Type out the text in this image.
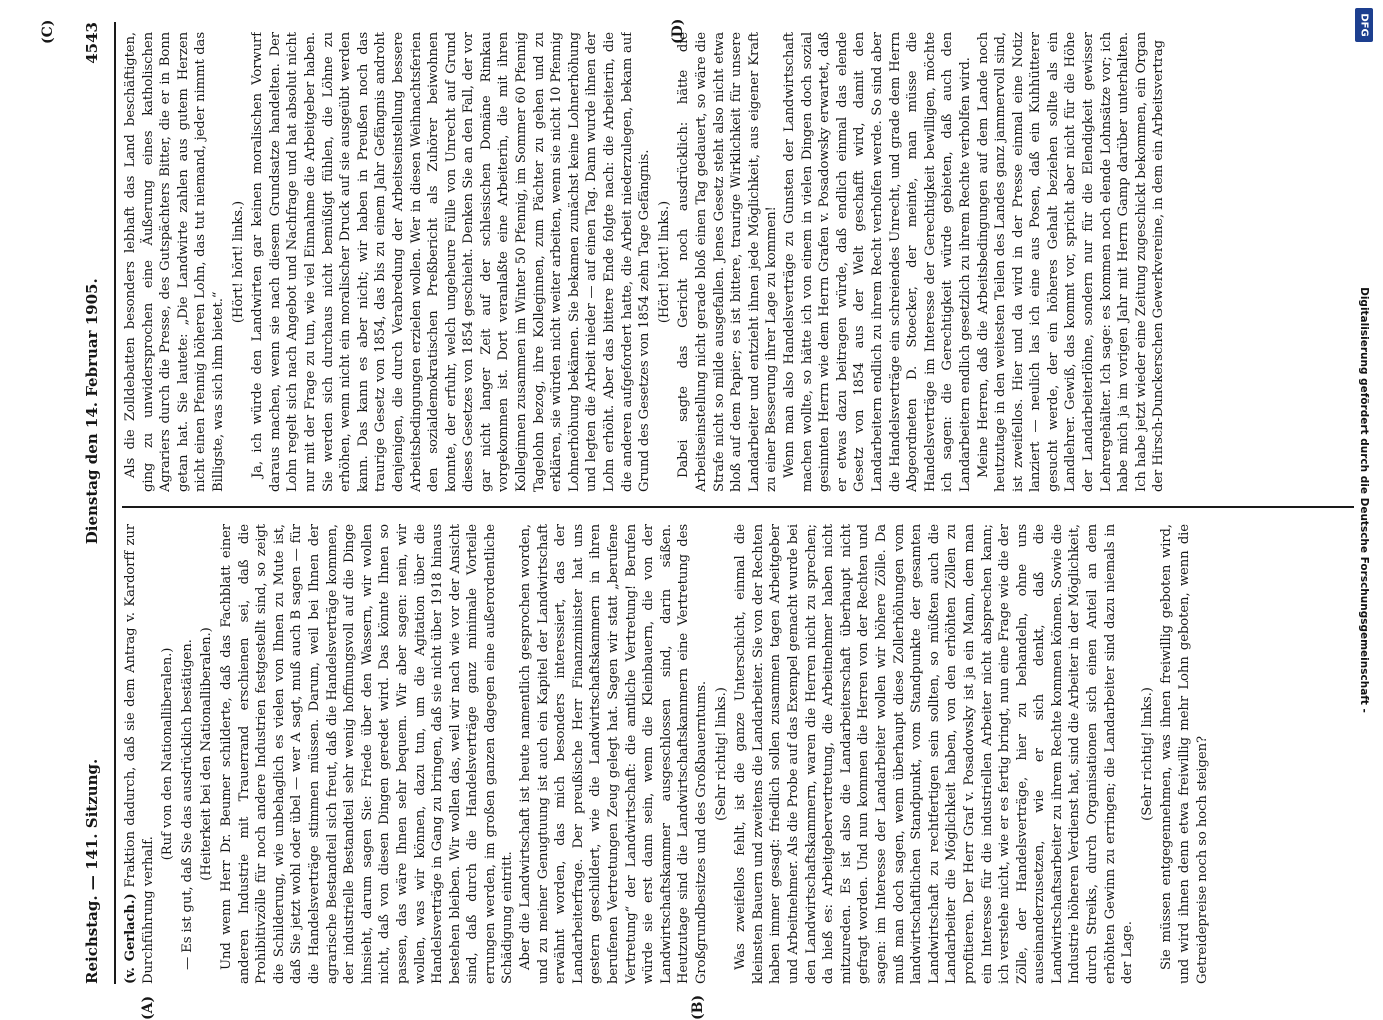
Reichstag. — 141. Sitzung.
Dienstag den 14. Februar 1905.
4543
(A)	(B)
(C)	(D)

(v. Gerlach.) Fraktion dadurch, daß sie dem Antrag v. Kardorff zur Durchführung verhalf.

(Ruf von den Nationalliberalen.) — Es ist gut, daß Sie das ausdrücklich bestätigen. (Heiterkeit bei den Nationalliberalen.) Und wenn Herr Dr. Beumer schilderte, daß das Fachblatt einer anderen Industrie mit Trauerrand erschienen sei, daß die Prohibitivzölle für noch andere Industrien festgestellt sind, so zeigt die Schilderung, wie unbehaglich es vielen von Ihnen zu Mute ist, daß Sie jetzt wohl oder übel — wer A sagt, muß auch B sagen — für die Handelsverträge stimmen müssen. Darum, weil bei Ihnen der agrarische Bestandteil sich freut, daß die Handelsverträge kommen, der industrielle Bestandteil sehr wenig hoffnungsvoll auf die Dinge hinsieht, darum sagen Sie: Friede über den Wassern, wir wollen nicht, daß von diesen Dingen geredet wird. Das könnte Ihnen so passen, das wäre Ihnen sehr bequem. Wir aber sagen: nein, wir wollen, was wir können, dazu tun, um die Agitation über die Handelsverträge in Gang zu bringen, daß sie nicht über 1918 hinaus bestehen bleiben. Wir wollen das, weil wir nach wie vor der Ansicht sind, daß durch die Handelsverträge ganz minimale Vorteile errungen werden, im großen ganzen dagegen eine außerordentliche Schädigung eintritt. Aber die Landwirtschaft ist heute namentlich gesprochen worden, und zu meiner Genugtuung ist auch ein Kapitel der Landwirtschaft erwähnt worden, das mich besonders interessiert, das der Landarbeiterfrage. Der preußische Herr Finanzminister hat uns gestern geschildert, wie die Landwirtschaftskammern in ihren berufenen Vertretungen Zeug gelegt hat. Sagen wir statt „berufene Vertretung“ der Landwirtschaft: die amtliche Vertretung! Berufen würde sie erst dann sein, wenn die Kleinbauern, die von der Landwirtschaftskammer ausgeschlossen sind, darin säßen. Heutzutage sind die Landwirtschaftskammern eine Vertretung des Großgrundbesitzes und des Großbauerntums. (Sehr richtig! links.) Was zweifellos fehlt, ist die ganze Unterschicht, einmal die kleinsten Bauern und zweitens die Landarbeiter. Sie von der Rechten haben immer gesagt: friedlich sollen zusammen tagen Arbeitgeber und Arbeitnehmer. Als die Probe auf das Exempel gemacht wurde bei den Landwirtschaftskammern, waren die Herren nicht zu sprechen; da hieß es: Arbeitgebervertretung, die Arbeitnehmer haben nicht mitzureden. Es ist also die Landarbeiterschaft überhaupt nicht gefragt worden. Und nun kommen die Herren von der Rechten und sagen: im Interesse der Landarbeiter wollen wir höhere Zölle. Da muß man doch sagen, wenn überhaupt diese Zollerhöhungen vom landwirtschaftlichen Standpunkt, vom Standpunkte der gesamten Landwirtschaft zu rechtfertigen sein sollten, so müßten auch die Landarbeiter die Möglichkeit haben, von den erhöhten Zöllen zu profitieren. Der Herr Graf v. Posadowsky ist ja ein Mann, dem man ein Interesse für die industriellen Arbeiter nicht absprechen kann; ich verstehe nicht, wie er es fertig bringt, nun eine Frage wie die der Zölle, der Handelsverträge, hier zu behandeln, ohne uns auseinanderzusetzen, wie er sich denkt, daß die Landwirtschaftsarbeiter zu ihrem Rechte kommen können. Sowie die Industrie höheren Verdienst hat, sind die Arbeiter in der Möglichkeit, durch Streiks, durch Organisationen sich einen Anteil an dem erhöhten Gewinn zu erringen; die Landarbeiter sind dazu niemals in der Lage.

(Sehr richtig! links.) Sie müssen entgegennehmen, was ihnen freiwillig geboten wird, und wird ihnen denn etwa freiwillig mehr Lohn geboten, wenn die Getreidepreise noch so hoch steigen?

Als die Zolldebatten besonders lebhaft das Land beschäftigten, ging zu unwidersprochen eine Äußerung eines katholischen Agrariers durch die Presse, des Gutspächters Bitter, die er in Bonn getan hat. Sie lautete: „Die Landwirte zahlen aus gutem Herzen nicht einen Pfennig höheren Lohn, das tut niemand, jeder nimmt das Billigste, was sich ihm bietet.“

(Hört! hört! links.) Ja, ich würde den Landwirten gar keinen moralischen Vorwurf daraus machen, wenn sie nach diesem Grundsatze handelten. Der Lohn regelt sich nach Angebot und Nachfrage und hat absolut nicht nur mit der Frage zu tun, wie viel Einnahme die Arbeitgeber haben. Sie werden sich durchaus nicht bemüßigt fühlen, die Löhne zu erhöhen, wenn nicht ein moralischer Druck auf sie ausgeübt werden kann. Das kann es aber nicht; wir haben in Preußen noch das traurige Gesetz von 1854, das bis zu einem Jahr Gefängnis androht denjenigen, die durch Verabredung der Arbeitseinstellung bessere Arbeitsbedingungen erzielen wollen. Wer in diesen Weihnachtsferien den sozialdemokratischen Preßbericht als Zuhörer beiwohnen konnte, der erfuhr, welch ungeheure Fülle von Unrecht auf Grund dieses Gesetzes von 1854 geschieht. Denken Sie an den Fall, der vor gar nicht langer Zeit auf der schlesischen Domäne Rimkau vorgekommen ist. Dort veranlaßte eine Arbeiterin, die mit ihren Kolleginnen zusammen im Winter 50 Pfennig, im Sommer 60 Pfennig Tagelohn bezog, ihre Kolleginnen, zum Pächter zu gehen und zu erklären, sie würden nicht weiter arbeiten, wenn sie nicht 10 Pfennig Lohnerhöhung bekämen. Sie bekamen zunächst keine Lohnerhöhung und legten die Arbeit nieder — auf einen Tag. Dann wurde ihnen der Lohn erhöht. Aber das bittere Ende folgte nach: die Arbeiterin, die die anderen aufgefordert hatte, die Arbeit niederzulegen, bekam auf Grund des Gesetzes von 1854 zehn Tage Gefängnis. (Hört! hört! links.) Dabei sagte das Gericht noch ausdrücklich: hätte die Arbeitseinstellung nicht gerade bloß einen Tag gedauert, so wäre die Strafe nicht so milde ausgefallen. Jenes Gesetz steht also nicht etwa bloß auf dem Papier; es ist bittere, traurige Wirklichkeit für unsere Landarbeiter und entzieht ihnen jede Möglichkeit, aus eigener Kraft zu einer Besserung ihrer Lage zu kommen! Wenn man also Handelsverträge zu Gunsten der Landwirtschaft machen wollte, so hätte ich von einem in vielen Dingen doch sozial gesinnten Herrn wie dem Herrn Grafen v. Posadowsky erwartet, daß er etwas dazu beitragen würde, daß endlich einmal das elende Gesetz von 1854 aus der Welt geschafft wird, damit den Landarbeitern endlich zu ihrem Recht verholfen werde. So sind aber die Handelsverträge ein schreiendes Unrecht, und grade dem Herrn Abgeordneten D. Stoecker, der meinte, man müsse die Handelsverträge im Interesse der Gerechtigkeit bewilligen, möchte ich sagen: die Gerechtigkeit würde gebieten, daß auch den Landarbeitern endlich gesetzlich zu ihrem Rechte verholfen wird. Meine Herren, daß die Arbeitsbedingungen auf dem Lande noch heutzutage in den weitesten Teilen des Landes ganz jammervoll sind, ist zweifellos. Hier und da wird in der Presse einmal eine Notiz lanziert — neulich las ich eine aus Posen, daß ein Kuhhütterer gesucht werde, der ein höheres Gehalt beziehen sollte als ein Landlehrer. Gewiß, das kommt vor, spricht aber nicht für die Höhe der Landarbeiterlöhne, sondern nur für die Elendigkeit gewisser Lehrergehälter. Ich sage: es kommen noch elende Lohnsätze vor; ich habe mich ja im vorigen Jahr mit Herrn Gamp darüber unterhalten. Ich habe jetzt wieder eine Zeitung zugeschickt bekommen, ein Organ der Hirsch-Dunckerschen Gewerkvereine, in dem ein Arbeitsvertrag

DFG
Digitalisierung gefördert durch die Deutsche Forschungsgemeinschaft -
